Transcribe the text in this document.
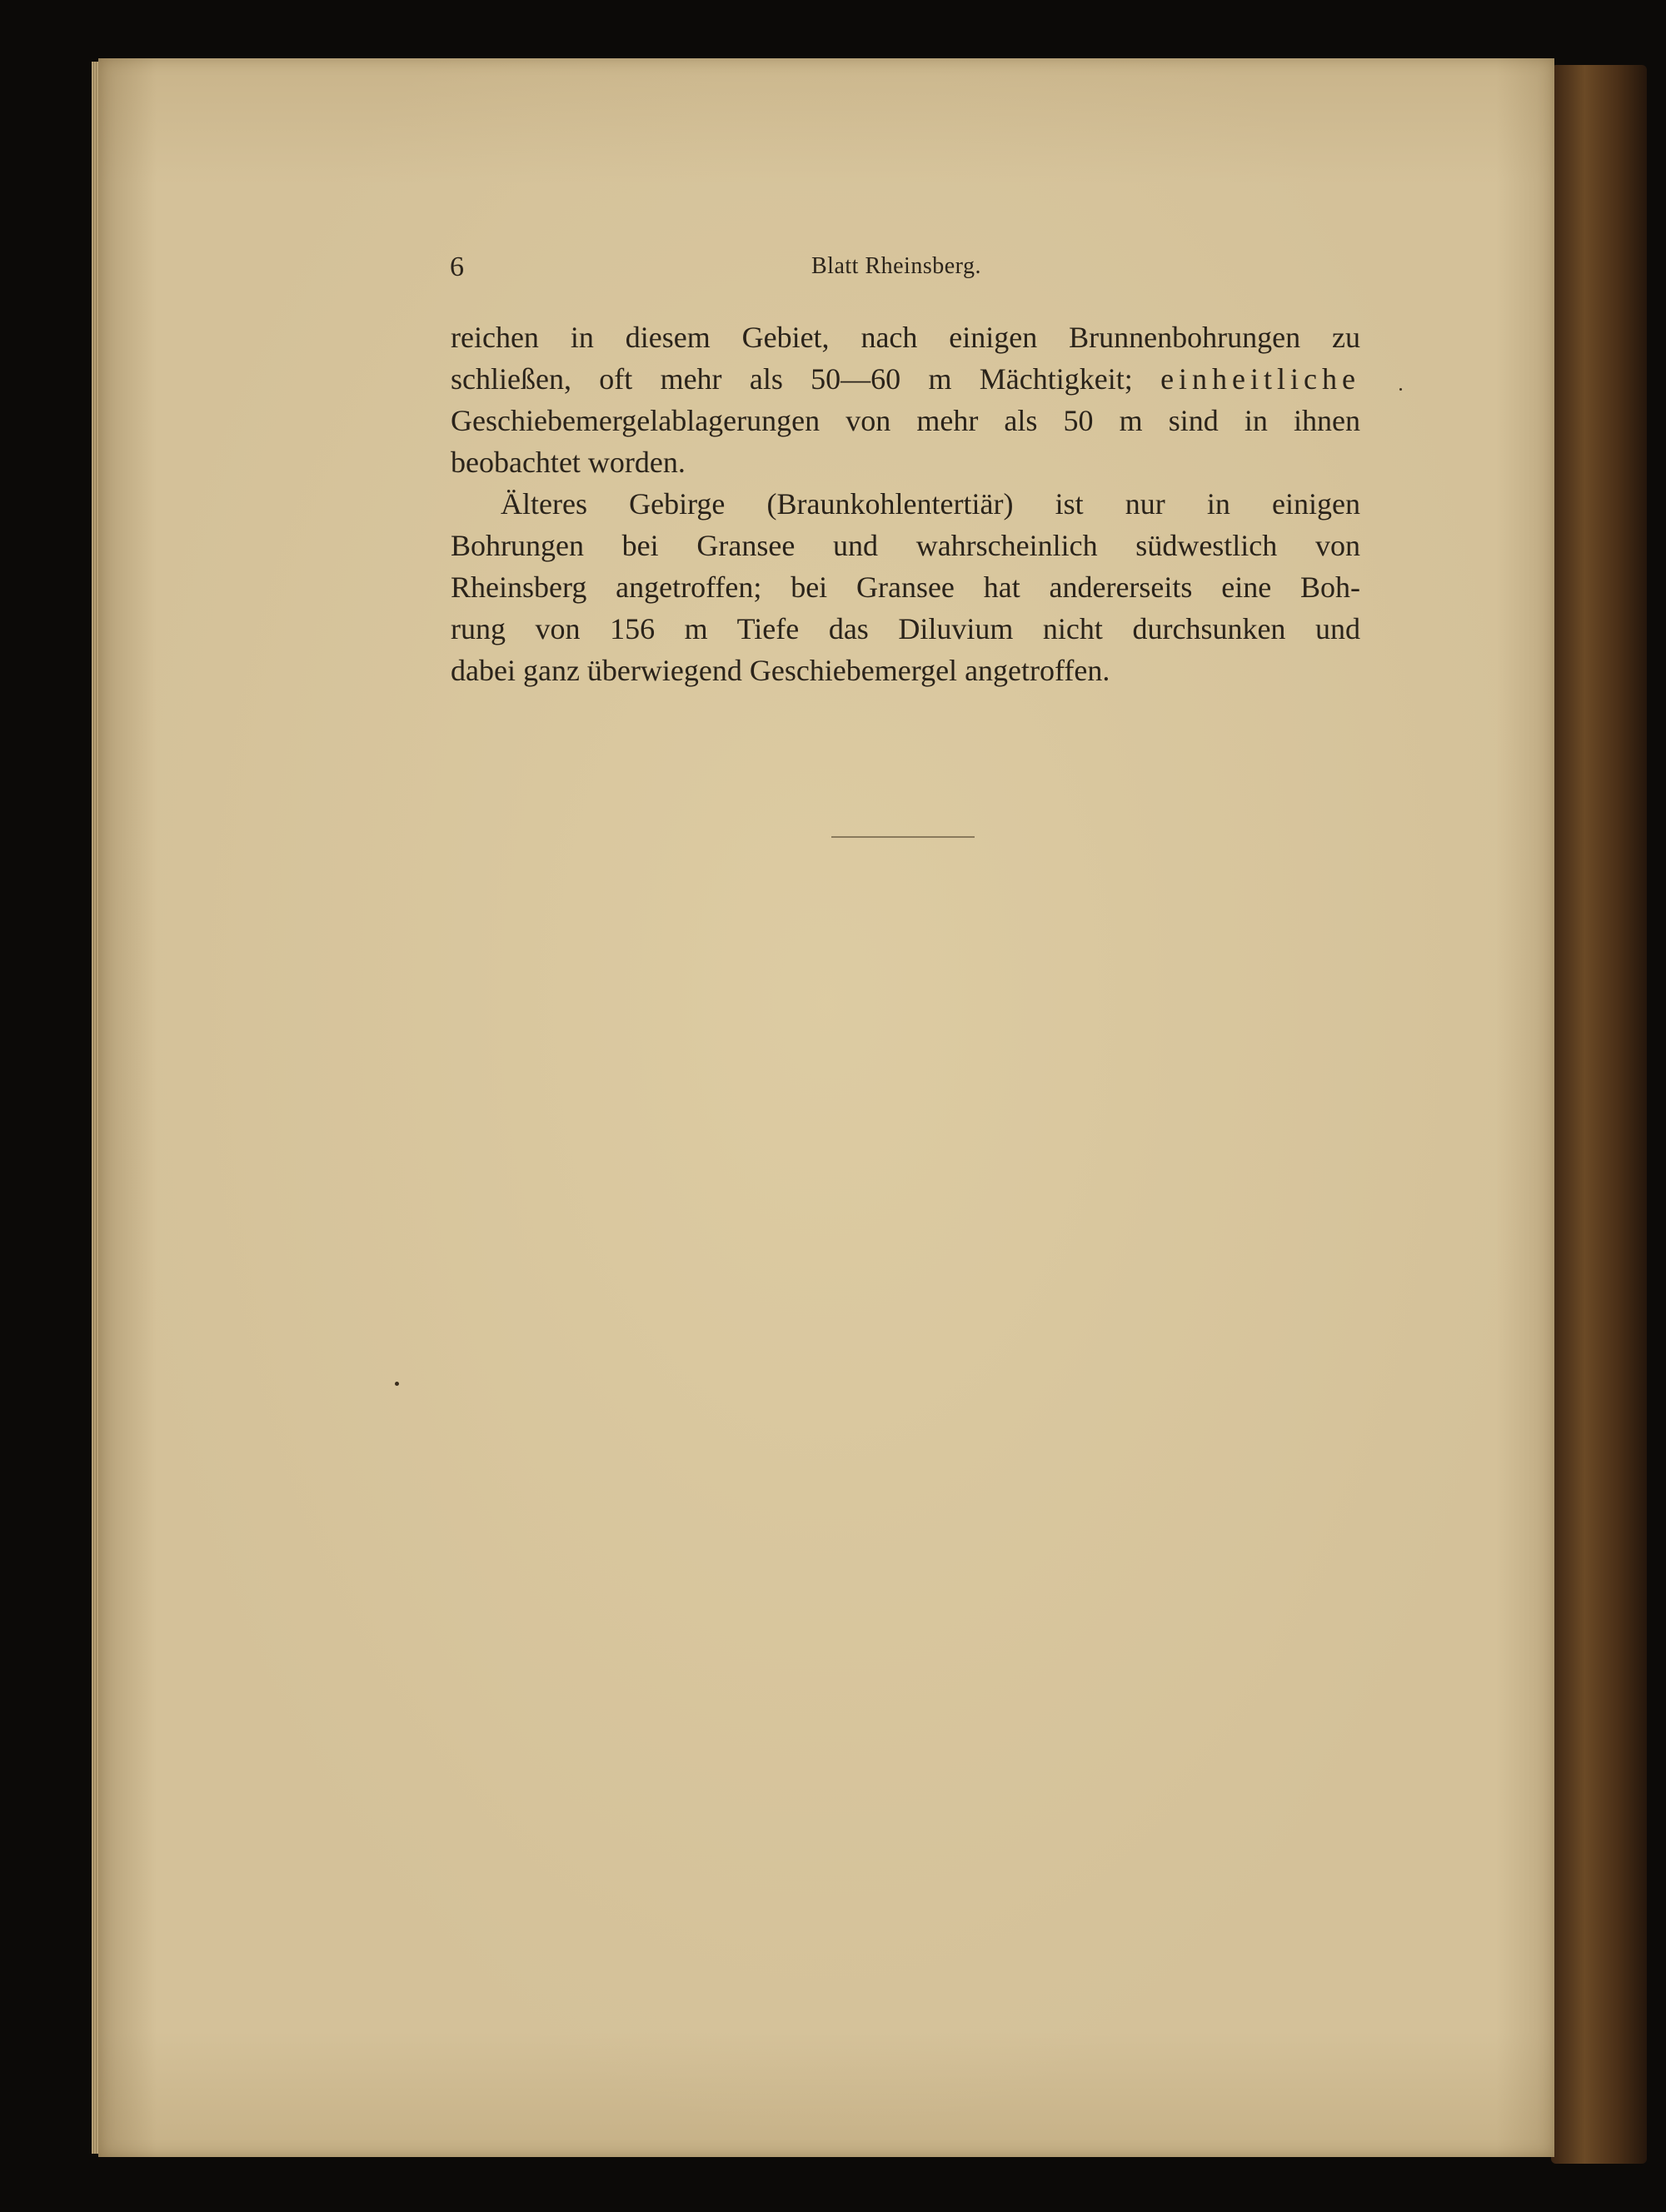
6	Blatt Rheinsberg.

reichen in diesem Gebiet, nach einigen Brunnenbohrungen zu

schließen, oft mehr als 50—60 m Mächtigkeit; einheitliche

Geschiebemergelablagerungen von mehr als 50 m sind in ihnen

beobachtet worden.

Älteres Gebirge (Braunkohlentertiär) ist nur in einigen

Bohrungen bei Gransee und wahrscheinlich südwestlich von

Rheinsberg angetroffen; bei Gransee hat andererseits eine Boh-

rung von 156 m Tiefe das Diluvium nicht durchsunken und

dabei ganz überwiegend Geschiebemergel angetroffen.
